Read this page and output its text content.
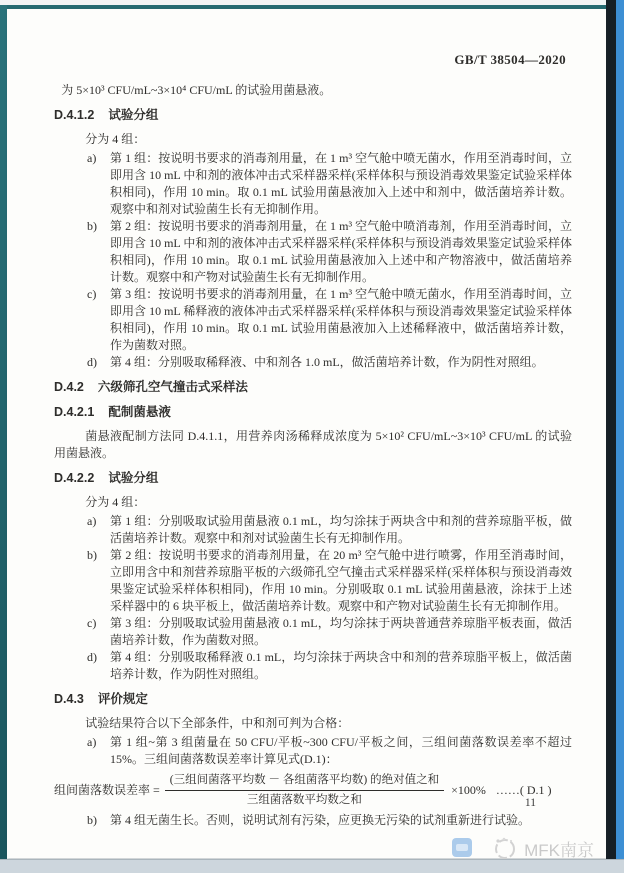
GB/T 38504—2020

为 5×10³ CFU/mL~3×10⁴ CFU/mL 的试验用菌悬液。

D.4.1.2 试验分组

分为 4 组：

a)	第 1 组：按说明书要求的消毒剂用量，在 1 m³ 空气舱中喷无菌水，作用至消毒时间，立即用含 10 mL 中和剂的液体冲击式采样器采样(采样体积与预设消毒效果鉴定试验采样体积相同)，作用 10 min。取 0.1 mL 试验用菌悬液加入上述中和剂中，做活菌培养计数。观察中和剂对试验菌生长有无抑制作用。
b)	第 2 组：按说明书要求的消毒剂用量，在 1 m³ 空气舱中喷消毒剂，作用至消毒时间，立即用含 10 mL 中和剂的液体冲击式采样器采样(采样体积与预设消毒效果鉴定试验采样体积相同)，作用 10 min。取 0.1 mL 试验用菌悬液加入上述中和产物溶液中，做活菌培养计数。观察中和产物对试验菌生长有无抑制作用。
c)	第 3 组：按说明书要求的消毒剂用量，在 1 m³ 空气舱中喷无菌水，作用至消毒时间，立即用含 10 mL 稀释液的液体冲击式采样器采样(采样体积与预设消毒效果鉴定试验采样体积相同)，作用 10 min。取 0.1 mL 试验用菌悬液加入上述稀释液中，做活菌培养计数，作为菌数对照。
d)	第 4 组：分别吸取稀释液、中和剂各 1.0 mL，做活菌培养计数，作为阴性对照组。
D.4.2 六级筛孔空气撞击式采样法
D.4.2.1 配制菌悬液

菌悬液配制方法同 D.4.1.1，用营养肉汤稀释成浓度为 5×10² CFU/mL~3×10³ CFU/mL 的试验用菌悬液。

D.4.2.2 试验分组

分为 4 组：

a)	第 1 组：分别吸取试验用菌悬液 0.1 mL，均匀涂抹于两块含中和剂的营养琼脂平板，做活菌培养计数。观察中和剂对试验菌生长有无抑制作用。
b)	第 2 组：按说明书要求的消毒剂用量，在 20 m³ 空气舱中进行喷雾，作用至消毒时间，立即用含中和剂营养琼脂平板的六级筛孔空气撞击式采样器采样(采样体积与预设消毒效果鉴定试验采样体积相同)，作用 10 min。分别吸取 0.1 mL 试验用菌悬液，涂抹于上述采样器中的 6 块平板上，做活菌培养计数。观察中和产物对试验菌生长有无抑制作用。
c)	第 3 组：分别吸取试验用菌悬液 0.1 mL，均匀涂抹于两块普通营养琼脂平板表面，做活菌培养计数，作为菌数对照。
d)	第 4 组：分别吸取稀释液 0.1 mL，均匀涂抹于两块含中和剂的营养琼脂平板上，做活菌培养计数，作为阴性对照组。
D.4.3 评价规定

试验结果符合以下全部条件，中和剂可判为合格：

a)	第 1 组~第 3 组菌量在 50 CFU/平板~300 CFU/平板之间，三组间菌落数误差率不超过 15%。三组间菌落数误差率计算见式(D.1)：
组间菌落数误差率 = $\frac{\text{(三组间菌落平均数 － 各组菌落平均数) 的绝对值之和}}{\text{三组菌落数平均数之和}} \times 100\%$ ……( D.1 )
b)	第 4 组无菌生长。否则，说明试剂有污染，应更换无污染的试剂重新进行试验。
11
MFK南京
